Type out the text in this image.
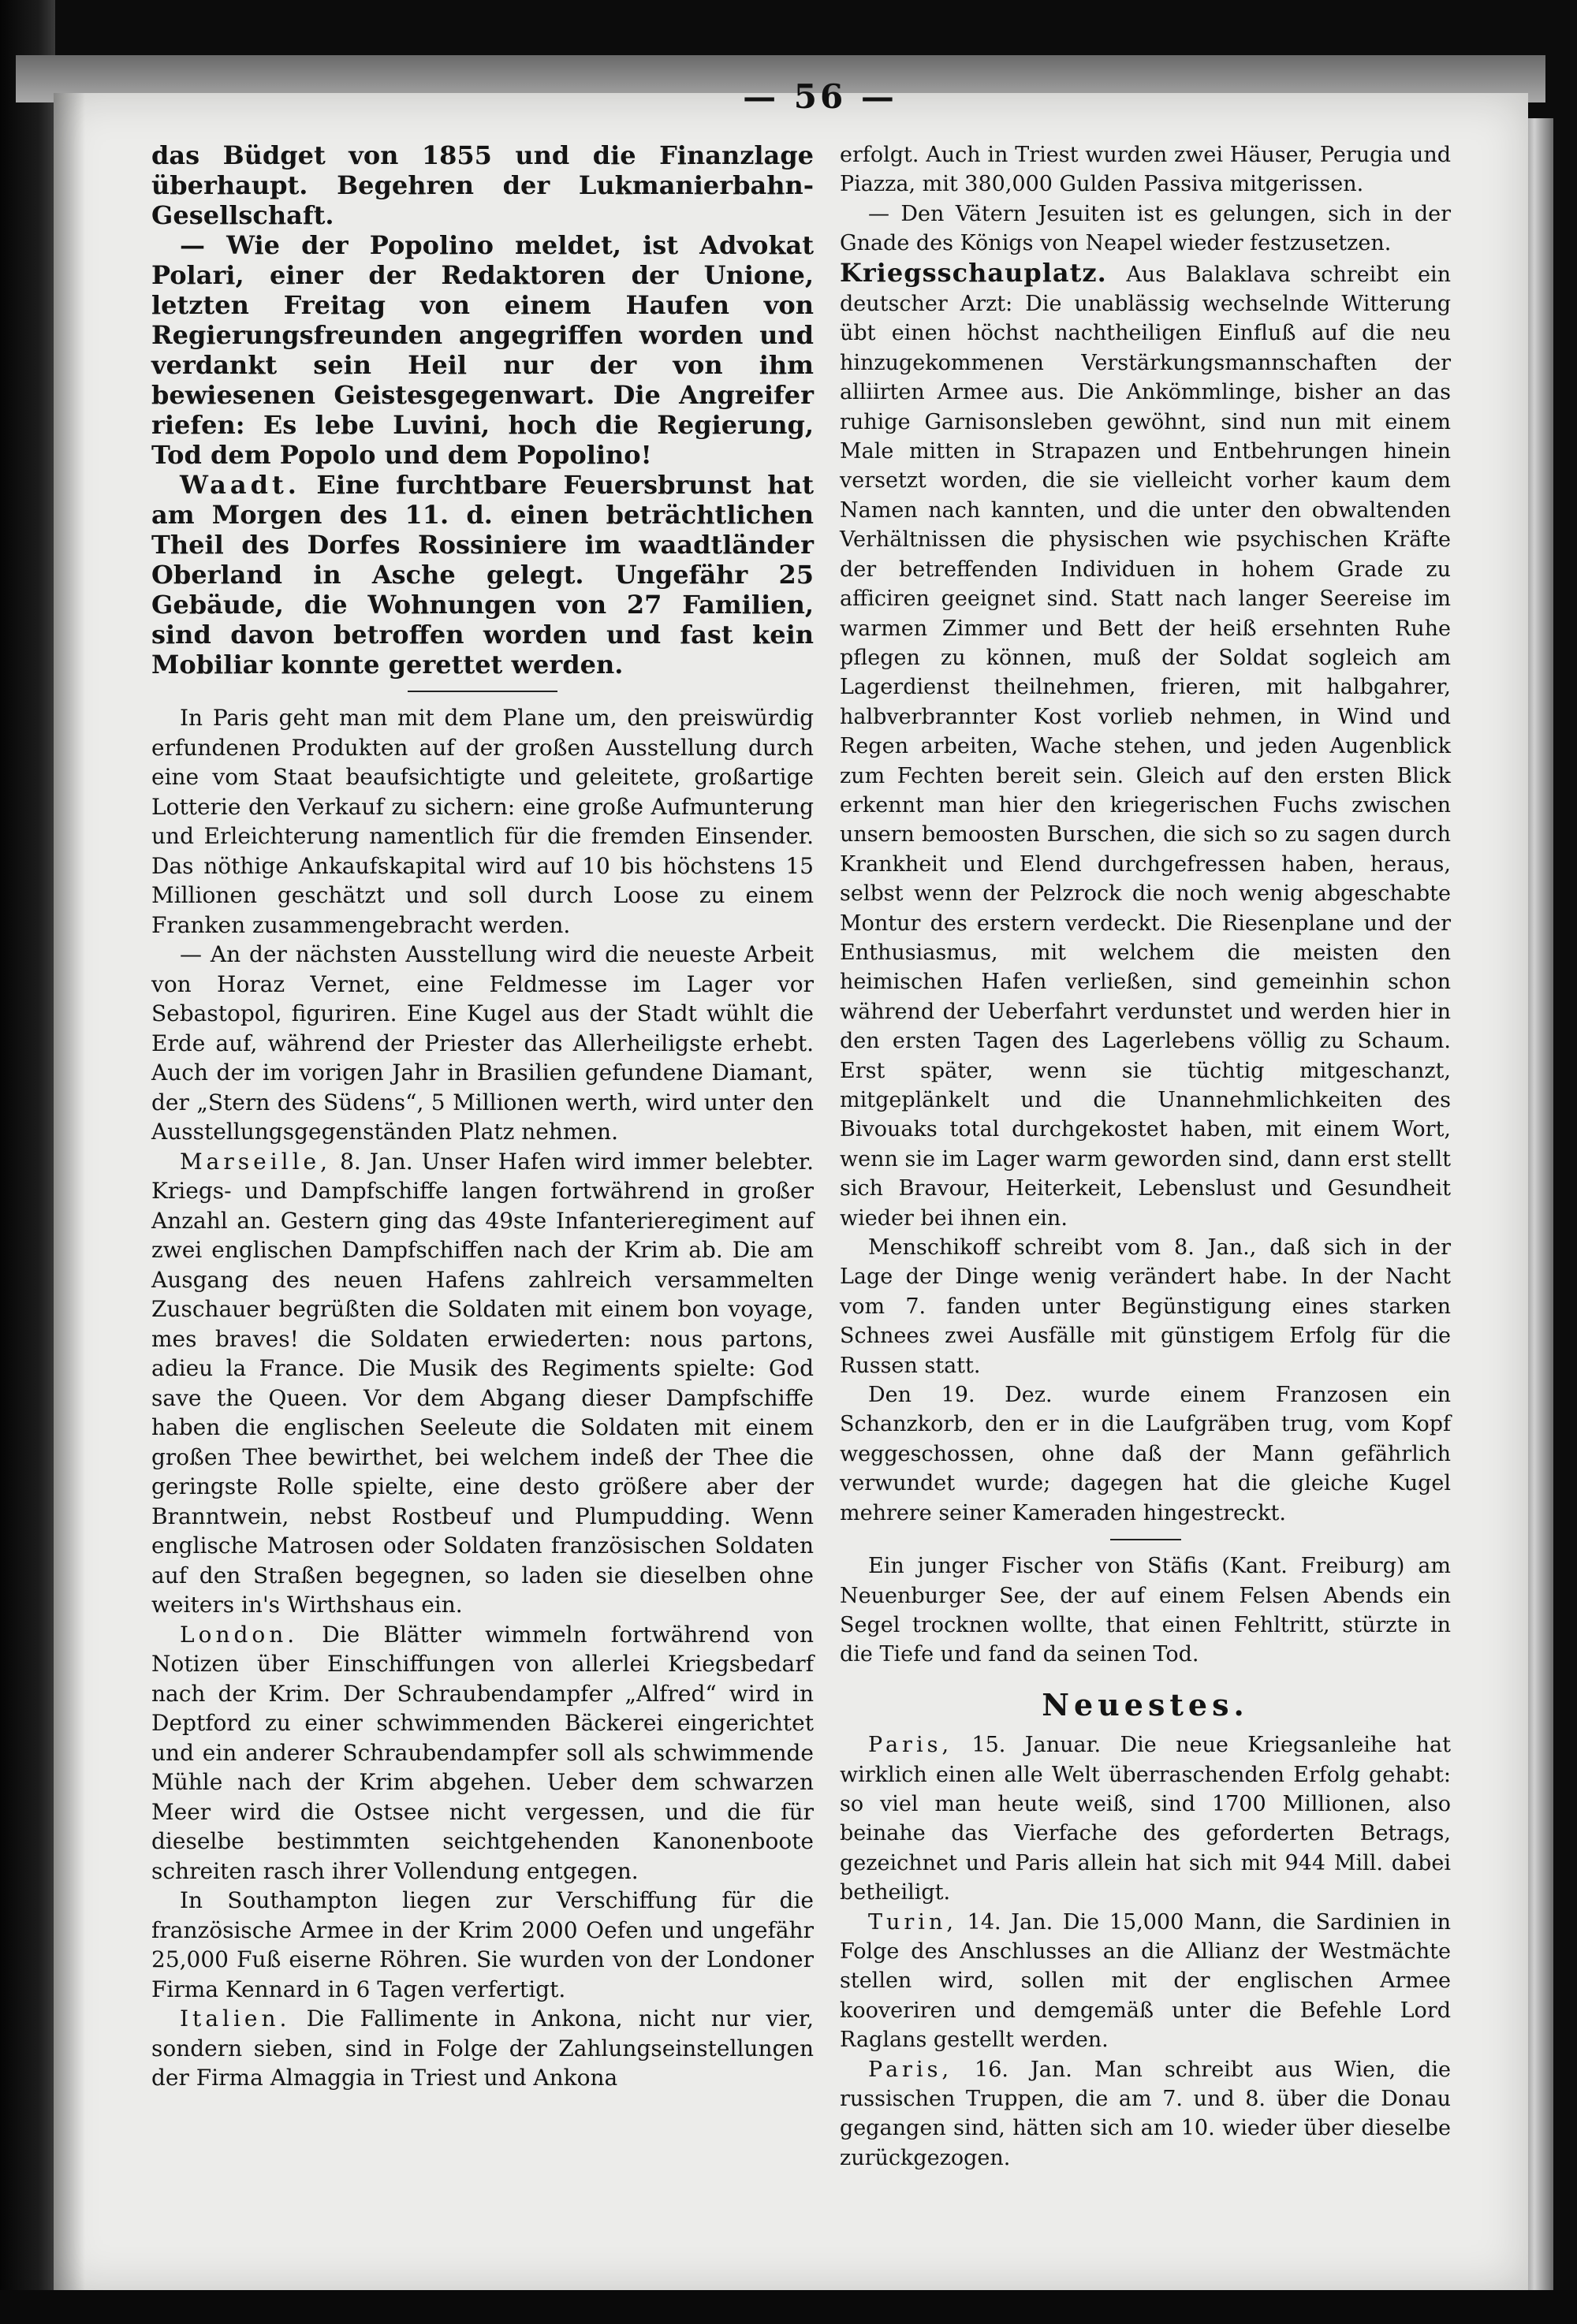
— 56 —

das Büdget von 1855 und die Finanzlage überhaupt. Begehren der Lukmanierbahn-Gesellschaft.

— Wie der Popolino meldet, ist Advokat Polari, einer der Redaktoren der Unione, letzten Freitag von einem Haufen von Regierungsfreunden angegriffen worden und verdankt sein Heil nur der von ihm bewiesenen Geistesgegenwart. Die Angreifer riefen: Es lebe Luvini, hoch die Regierung, Tod dem Popolo und dem Popolino!

Waadt. Eine furchtbare Feuersbrunst hat am Morgen des 11. d. einen beträchtlichen Theil des Dorfes Rossiniere im waadtländer Oberland in Asche gelegt. Ungefähr 25 Gebäude, die Wohnungen von 27 Familien, sind davon betroffen worden und fast kein Mobiliar konnte gerettet werden.

In Paris geht man mit dem Plane um, den preiswürdig erfundenen Produkten auf der großen Ausstellung durch eine vom Staat beaufsichtigte und geleitete, großartige Lotterie den Verkauf zu sichern: eine große Aufmunterung und Erleichterung namentlich für die fremden Einsender. Das nöthige Ankaufskapital wird auf 10 bis höchstens 15 Millionen geschätzt und soll durch Loose zu einem Franken zusammengebracht werden.

— An der nächsten Ausstellung wird die neueste Arbeit von Horaz Vernet, eine Feldmesse im Lager vor Sebastopol, figuriren. Eine Kugel aus der Stadt wühlt die Erde auf, während der Priester das Allerheiligste erhebt. Auch der im vorigen Jahr in Brasilien gefundene Diamant, der „Stern des Südens“, 5 Millionen werth, wird unter den Ausstellungsgegenständen Platz nehmen.

Marseille, 8. Jan. Unser Hafen wird immer belebter. Kriegs- und Dampfschiffe langen fortwährend in großer Anzahl an. Gestern ging das 49ste Infanterieregiment auf zwei englischen Dampfschiffen nach der Krim ab. Die am Ausgang des neuen Hafens zahlreich versammelten Zuschauer begrüßten die Soldaten mit einem bon voyage, mes braves! die Soldaten erwiederten: nous partons, adieu la France. Die Musik des Regiments spielte: God save the Queen. Vor dem Abgang dieser Dampfschiffe haben die englischen Seeleute die Soldaten mit einem großen Thee bewirthet, bei welchem indeß der Thee die geringste Rolle spielte, eine desto größere aber der Branntwein, nebst Rostbeuf und Plumpudding. Wenn englische Matrosen oder Soldaten französischen Soldaten auf den Straßen begegnen, so laden sie dieselben ohne weiters in's Wirthshaus ein.

London. Die Blätter wimmeln fortwährend von Notizen über Einschiffungen von allerlei Kriegsbedarf nach der Krim. Der Schraubendampfer „Alfred“ wird in Deptford zu einer schwimmenden Bäckerei eingerichtet und ein anderer Schraubendampfer soll als schwimmende Mühle nach der Krim abgehen. Ueber dem schwarzen Meer wird die Ostsee nicht vergessen, und die für dieselbe bestimmten seichtgehenden Kanonenboote schreiten rasch ihrer Vollendung entgegen.

In Southampton liegen zur Verschiffung für die französische Armee in der Krim 2000 Oefen und ungefähr 25,000 Fuß eiserne Röhren. Sie wurden von der Londoner Firma Kennard in 6 Tagen verfertigt.

Italien. Die Fallimente in Ankona, nicht nur vier, sondern sieben, sind in Folge der Zahlungseinstellungen der Firma Almaggia in Triest und Ankona

erfolgt. Auch in Triest wurden zwei Häuser, Perugia und Piazza, mit 380,000 Gulden Passiva mitgerissen.

— Den Vätern Jesuiten ist es gelungen, sich in der Gnade des Königs von Neapel wieder festzusetzen.

Kriegsschauplatz. Aus Balaklava schreibt ein deutscher Arzt: Die unablässig wechselnde Witterung übt einen höchst nachtheiligen Einfluß auf die neu hinzugekommenen Verstärkungsmannschaften der alliirten Armee aus. Die Ankömmlinge, bisher an das ruhige Garnisonsleben gewöhnt, sind nun mit einem Male mitten in Strapazen und Entbehrungen hinein versetzt worden, die sie vielleicht vorher kaum dem Namen nach kannten, und die unter den obwaltenden Verhältnissen die physischen wie psychischen Kräfte der betreffenden Individuen in hohem Grade zu afficiren geeignet sind. Statt nach langer Seereise im warmen Zimmer und Bett der heiß ersehnten Ruhe pflegen zu können, muß der Soldat sogleich am Lagerdienst theilnehmen, frieren, mit halbgahrer, halbverbrannter Kost vorlieb nehmen, in Wind und Regen arbeiten, Wache stehen, und jeden Augenblick zum Fechten bereit sein. Gleich auf den ersten Blick erkennt man hier den kriegerischen Fuchs zwischen unsern bemoosten Burschen, die sich so zu sagen durch Krankheit und Elend durchgefressen haben, heraus, selbst wenn der Pelzrock die noch wenig abgeschabte Montur des erstern verdeckt. Die Riesenplane und der Enthusiasmus, mit welchem die meisten den heimischen Hafen verließen, sind gemeinhin schon während der Ueberfahrt verdunstet und werden hier in den ersten Tagen des Lagerlebens völlig zu Schaum. Erst später, wenn sie tüchtig mitgeschanzt, mitgeplänkelt und die Unannehmlichkeiten des Bivouaks total durchgekostet haben, mit einem Wort, wenn sie im Lager warm geworden sind, dann erst stellt sich Bravour, Heiterkeit, Lebenslust und Gesundheit wieder bei ihnen ein.

Menschikoff schreibt vom 8. Jan., daß sich in der Lage der Dinge wenig verändert habe. In der Nacht vom 7. fanden unter Begünstigung eines starken Schnees zwei Ausfälle mit günstigem Erfolg für die Russen statt.

Den 19. Dez. wurde einem Franzosen ein Schanzkorb, den er in die Laufgräben trug, vom Kopf weggeschossen, ohne daß der Mann gefährlich verwundet wurde; dagegen hat die gleiche Kugel mehrere seiner Kameraden hingestreckt.

Ein junger Fischer von Stäfis (Kant. Freiburg) am Neuenburger See, der auf einem Felsen Abends ein Segel trocknen wollte, that einen Fehltritt, stürzte in die Tiefe und fand da seinen Tod.

Neuestes.

Paris, 15. Januar. Die neue Kriegsanleihe hat wirklich einen alle Welt überraschenden Erfolg gehabt: so viel man heute weiß, sind 1700 Millionen, also beinahe das Vierfache des geforderten Betrags, gezeichnet und Paris allein hat sich mit 944 Mill. dabei betheiligt.

Turin, 14. Jan. Die 15,000 Mann, die Sardinien in Folge des Anschlusses an die Allianz der Westmächte stellen wird, sollen mit der englischen Armee kooveriren und demgemäß unter die Befehle Lord Raglans gestellt werden.

Paris, 16. Jan. Man schreibt aus Wien, die russischen Truppen, die am 7. und 8. über die Donau gegangen sind, hätten sich am 10. wieder über dieselbe zurückgezogen.
